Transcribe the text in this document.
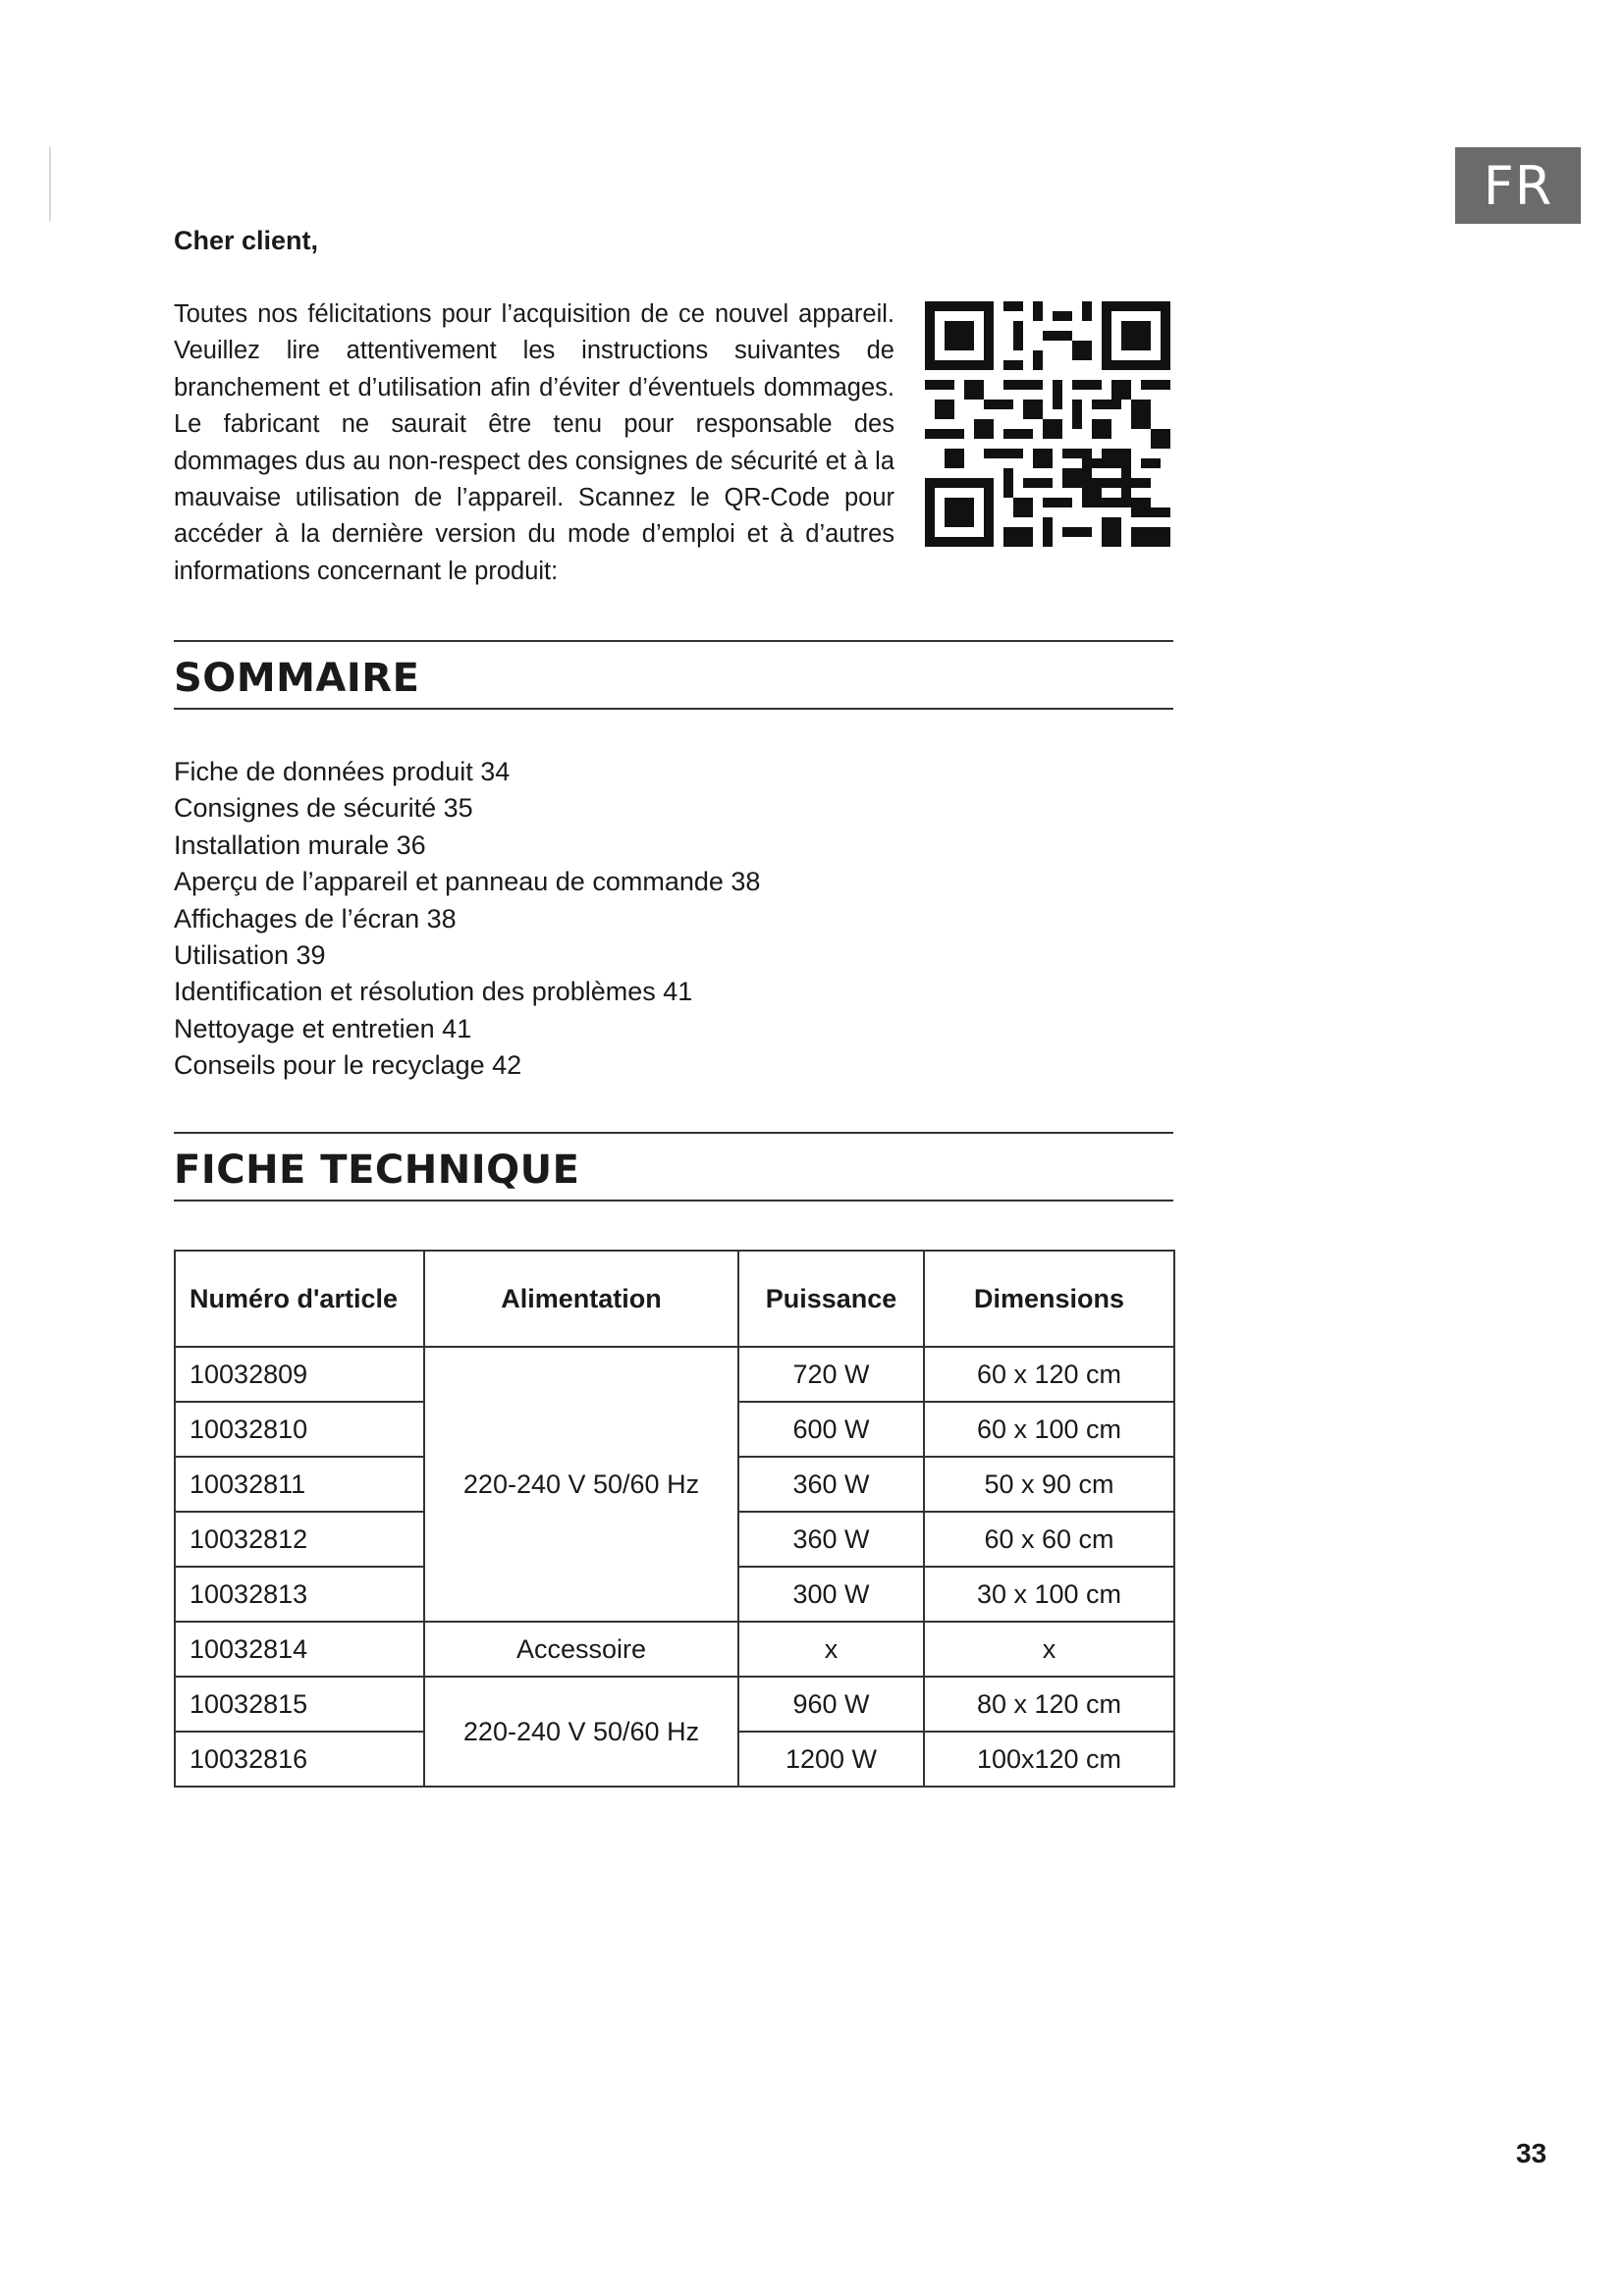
FR
Cher client,

Toutes nos félicitations pour l’acquisition de ce nouvel appareil. Veuillez lire attentivement les instructions suivantes de branchement et d’utilisation afin d’éviter d’éventuels dommages. Le fabricant ne saurait être tenu pour responsable des dommages dus au non-respect des consignes de sécurité et à la mauvaise utilisation de l’appareil. Scannez le QR-Code pour accéder à la dernière version du mode d’emploi et à d’autres informations concernant le produit:

SOMMAIRE
Fiche de données produit 34
Consignes de sécurité 35
Installation murale 36
Aperçu de l’appareil et panneau de commande 38
Affichages de l’écran 38
Utilisation 39
Identification et résolution des problèmes 41
Nettoyage et entretien 41
Conseils pour le recyclage 42
FICHE TECHNIQUE
Numéro d'article	Alimentation	Puissance	Dimensions
10032809	220-240 V 50/60 Hz	720 W	60 x 120 cm
10032810		600 W	60 x 100 cm
10032811		360 W	50 x 90 cm
10032812		360 W	60 x 60 cm
10032813		300 W	30 x 100 cm
10032814	Accessoire	x	x
10032815	220-240 V 50/60 Hz	960 W	80 x 120 cm
10032816		1200 W	100x120 cm
33
